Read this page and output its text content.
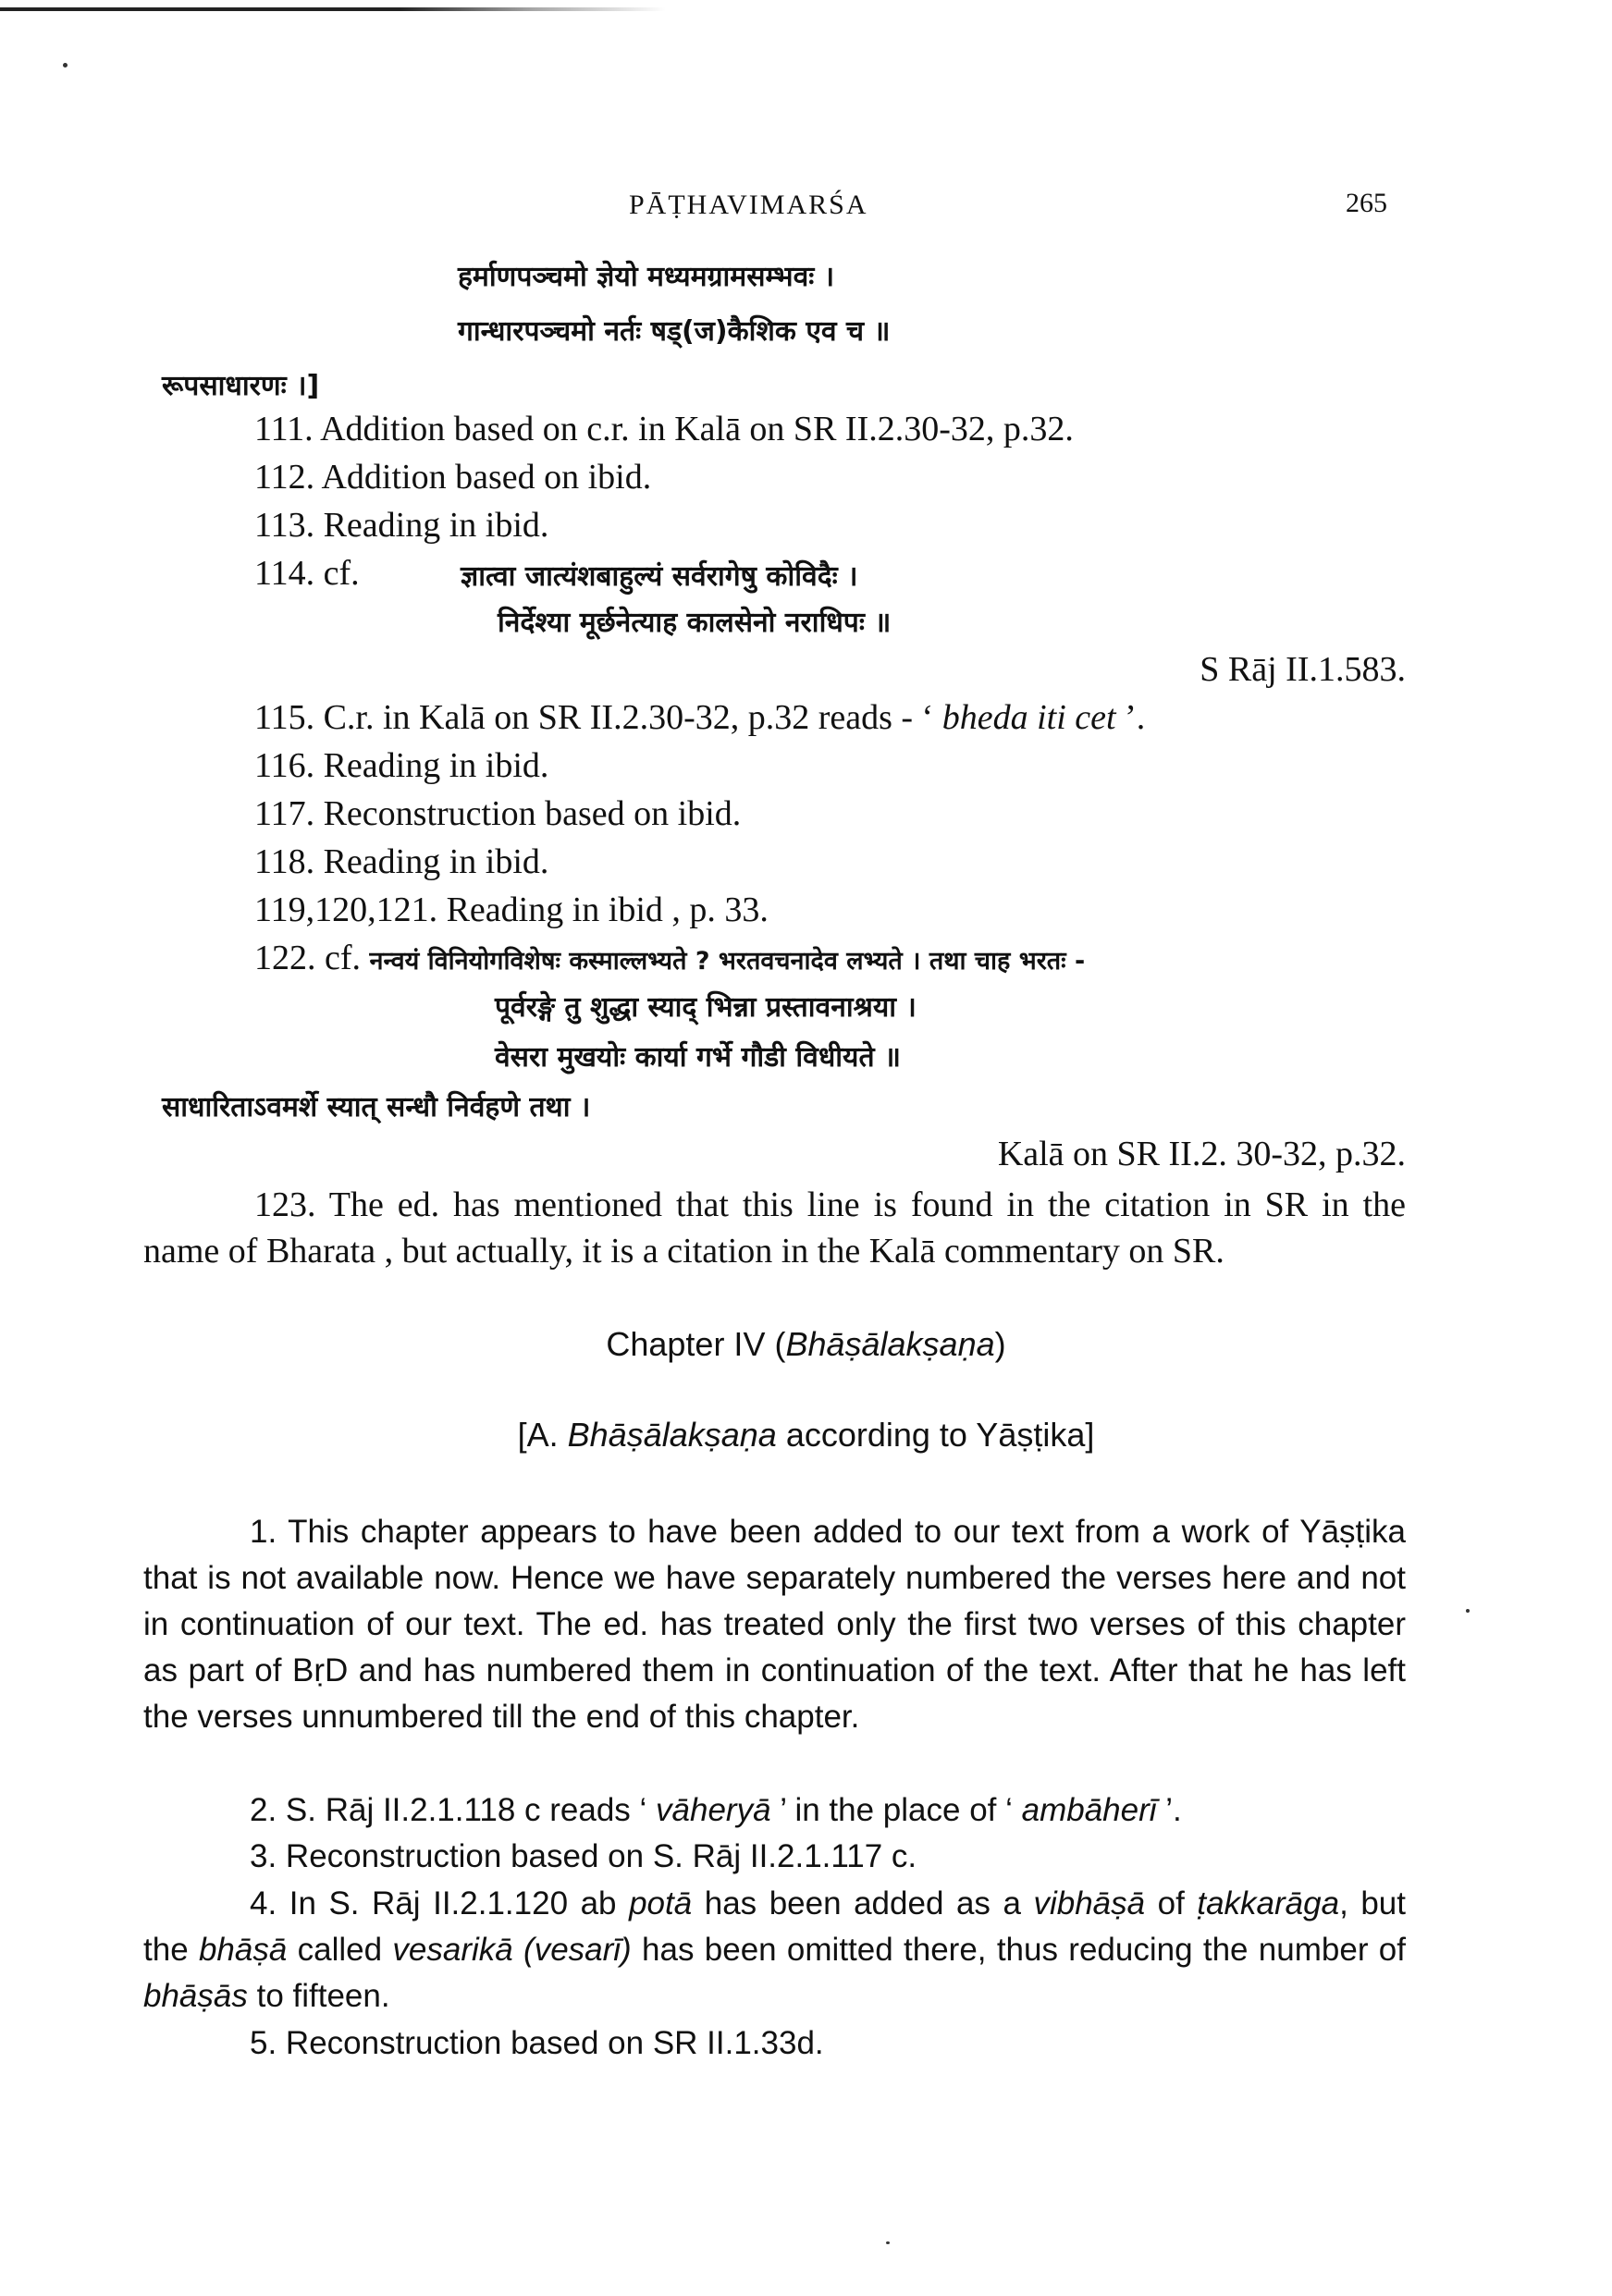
PĀṬHAVIMARŚA	265
हर्माणपञ्चमो ज्ञेयो मध्यमग्रामसम्भवः ।
गान्धारपञ्चमो नर्तः षड्(ज)कैशिक एव च ॥
रूपसाधारणः ।]
111. Addition based on c.r. in Kalā on SR II.2.30-32, p.32.
112. Addition based on ibid.
113. Reading in ibid.
114. cf.	ज्ञात्वा जात्यंशबाहुल्यं सर्वरागेषु कोविदैः ।
निर्देश्या मूर्छनेत्याह कालसेनो नराधिपः ॥
S Rāj II.1.583.
115. C.r. in Kalā on SR II.2.30-32, p.32 reads - ‘ bheda iti cet ’.
116. Reading in ibid.
117. Reconstruction based on ibid.
118. Reading in ibid.
119,120,121. Reading in ibid , p. 33.
122. cf. नन्वयं विनियोगविशेषः कस्माल्लभ्यते ? भरतवचनादेव लभ्यते । तथा चाह भरतः -
पूर्वरङ्गे तु शुद्धा स्याद् भिन्ना प्रस्तावनाश्रया ।
वेसरा मुखयोः कार्या गर्भे गौडी विधीयते ॥
साधारिताऽवमर्शे स्यात् सन्धौ निर्वहणे तथा ।
Kalā on SR II.2. 30-32, p.32.
123. The ed. has mentioned that this line is found in the citation in SR in the name of Bharata , but actually, it is a citation in the Kalā commentary on SR.
Chapter IV (Bhāṣālakṣaṇa)
[A. Bhāṣālakṣaṇa according to Yāṣṭika]
1. This chapter appears to have been added to our text from a work of Yāṣṭika that is not available now. Hence we have separately numbered the verses here and not in continuation of our text. The ed. has treated only the first two verses of this chapter as part of BṛD and has numbered them in continuation of the text. After that he has left the verses unnumbered till the end of this chapter.
2. S. Rāj II.2.1.118 c reads ‘ vāheryā ’ in the place of ‘ ambāherī ’.
3. Reconstruction based on S. Rāj II.2.1.117 c.
4. In S. Rāj II.2.1.120 ab potā has been added as a vibhāṣā of ṭakkarāga, but the bhāṣā called vesarikā (vesarī) has been omitted there, thus reducing the number of bhāṣās to fifteen.
5. Reconstruction based on SR II.1.33d.
